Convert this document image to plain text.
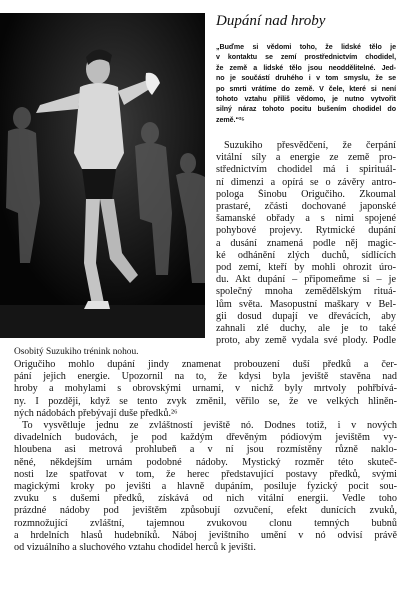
Osobitý Suzukiho trénink nohou.
Dupání nad hroby
„Buďme si vědomi toho, že lidské tělo je
v kontaktu se zemí prostřednictvím chodidel,
že země a lidské tělo jsou neoddělitelné. Jed-
no je součástí druhého i v tom smyslu, že se
po smrti vrátíme do země. V čele, které si není
tohoto vztahu příliš vědomo, je nutno vytvořit
silný náraz tohoto pocitu bušením chodidel do
země.“²⁵
Suzukiho přesvědčení, že čerpání
vitální síly a energie ze země pro-
střednictvím chodidel má i spirituál-
ní dimenzi a opírá se o závěry antro-
pologa Šinobu Origučiho. Zkoumal
prastaré, zčásti dochované japonské
šamanské obřady a s nimi spojené
pohybové projevy. Rytmické dupání
a dusání znamená podle něj magic-
ké odhánění zlých duchů, sídlících
pod zemí, kteří by mohli ohrozit úro-
du. Akt dupání – připomeňme si – je
společný mnoha zemědělským rituá-
lům světa. Masopustní maškary v Bel-
gii dosud dupají ve dřevácích, aby
zahnali zlé duchy, ale je to také
proto, aby země vydala své plody. Podle
Origučiho mohlo dupání jindy znamenat probouzení duší předků a čer-
pání jejich energie. Upozornil na to, že kdysi byla jeviště stavěna nad
hroby a mohylami s obrovskými urnami, v nichž byly mrtvoly pohřbívá-
ny. I později, když se tento zvyk změnil, věřilo se, že ve velkých hliněn-
ných nádobách přebývají duše předků.²⁶
To vysvětluje jednu ze zvláštností jeviště nó. Dodnes totiž, i v nových
divadelních budovách, je pod každým dřevěným pódiovým jevištěm vy-
hloubena asi metrová prohlubeň a v ní jsou rozmístěny různě naklo-
něné, někdejším urnám podobné nádoby. Mystický rozměr této skuteč-
nosti lze spatřovat v tom, že herec představující postavy předků, svými
magickými kroky po jevišti a hlavně dupáním, posiluje fyzický pocit sou-
zvuku s dušemi předků, získává od nich vitální energii. Vedle toho
prázdné nádoby pod jevištěm způsobují ozvučení, efekt dunících zvuků,
rozmnožující zvláštní, tajemnou zvukovou clonu temných bubnů
a hrdelních hlasů hudebníků. Náboj jevištního umění v nó odvisí právě
od vizuálního a sluchového vztahu chodidel herců k jevišti.
